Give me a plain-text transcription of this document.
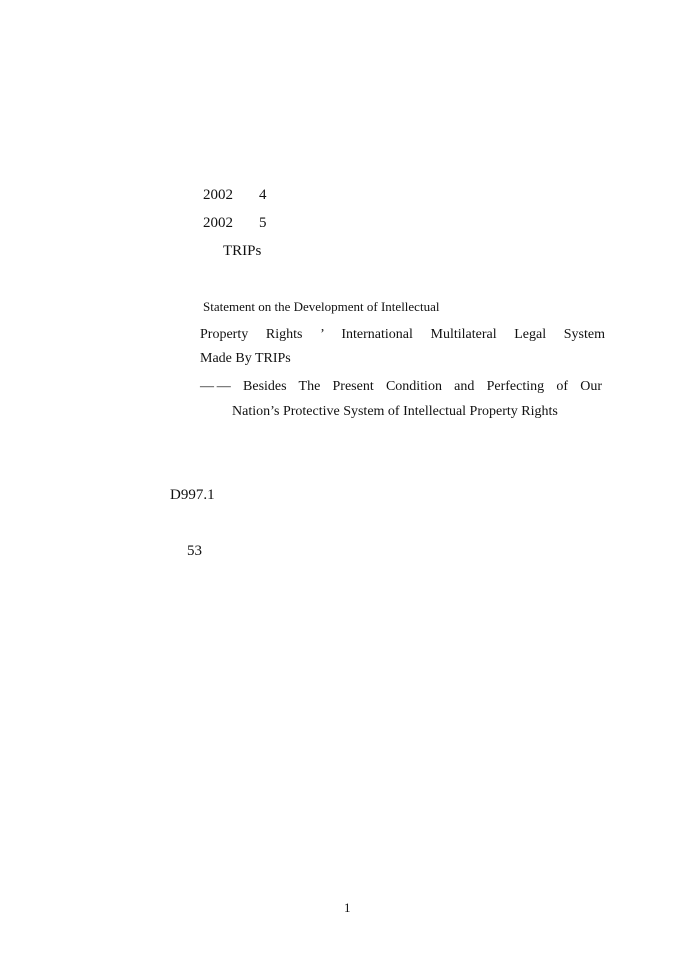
2002 4
2002 5
TRIPs
Statement on the Development of Intellectual
Property Rights ’ International Multilateral Legal System
Made By TRIPs
— — Besides The Present Condition and Perfecting of Our
Nation’s Protective System of Intellectual Property Rights
D997.1
53
1
